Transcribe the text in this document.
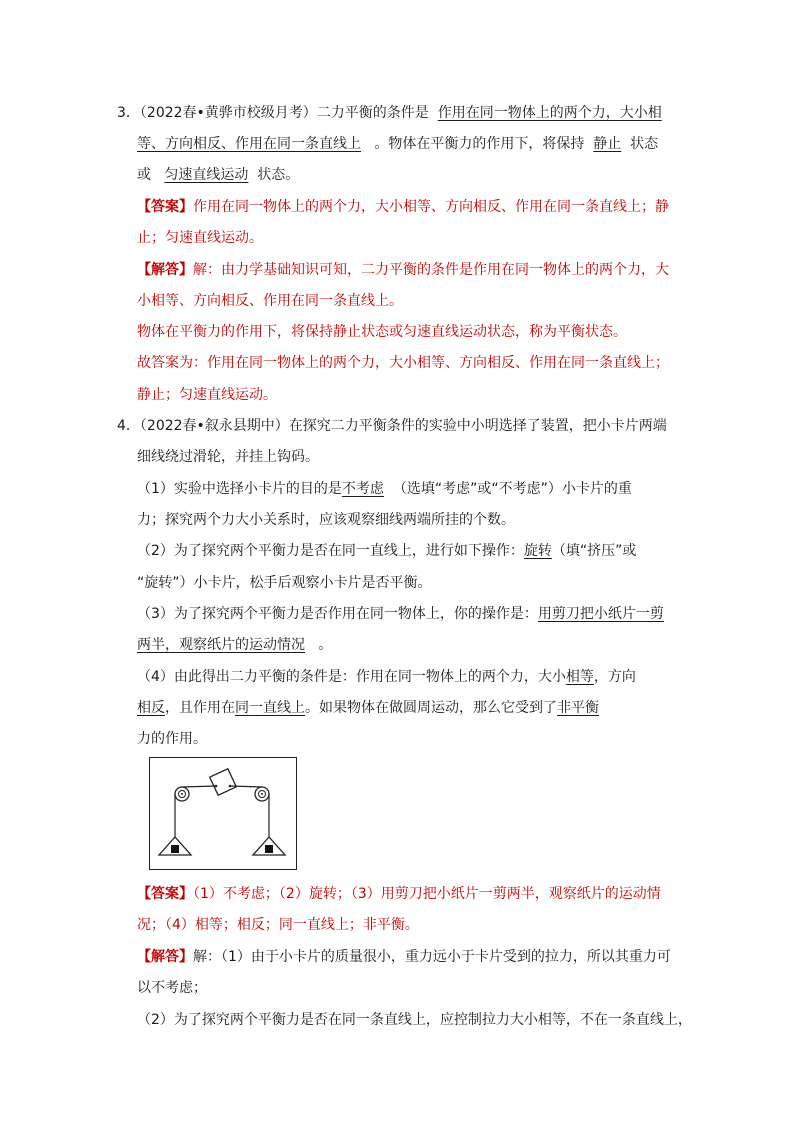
3．（2022春•黄骅市校级月考）二力平衡的条件是 作用在同一物体上的两个力，大小相
等、方向相反、作用在同一条直线上 。物体在平衡力的作用下，将保持 静止 状态
或 匀速直线运动 状态。
【答案】作用在同一物体上的两个力，大小相等、方向相反、作用在同一条直线上；静
止；匀速直线运动。
【解答】解：由力学基础知识可知，二力平衡的条件是作用在同一物体上的两个力，大
小相等、方向相反、作用在同一条直线上。
物体在平衡力的作用下，将保持静止状态或匀速直线运动状态，称为平衡状态。
故答案为：作用在同一物体上的两个力，大小相等、方向相反、作用在同一条直线上；
静止；匀速直线运动。
4．（2022春•叙永县期中）在探究二力平衡条件的实验中小明选择了装置，把小卡片两端
细线绕过滑轮，并挂上钩码。
（1）实验中选择小卡片的目的是不考虑 （选填“考虑”或“不考虑”）小卡片的重
力；探究两个力大小关系时，应该观察细线两端所挂的个数。
（2）为了探究两个平衡力是否在同一直线上，进行如下操作：旋转（填“挤压”或
“旋转”）小卡片，松手后观察小卡片是否平衡。
（3）为了探究两个平衡力是否作用在同一物体上，你的操作是：用剪刀把小纸片一剪
两半，观察纸片的运动情况 。
（4）由此得出二力平衡的条件是：作用在同一物体上的两个力，大小相等，方向
相反，且作用在同一直线上。如果物体在做圆周运动，那么它受到了非平衡
力的作用。
【答案】（1）不考虑；（2）旋转；（3）用剪刀把小纸片一剪两半，观察纸片的运动情
况；（4）相等；相反；同一直线上；非平衡。
【解答】解：（1）由于小卡片的质量很小，重力远小于卡片受到的拉力，所以其重力可
以不考虑；
（2）为了探究两个平衡力是否在同一条直线上，应控制拉力大小相等，不在一条直线上，
